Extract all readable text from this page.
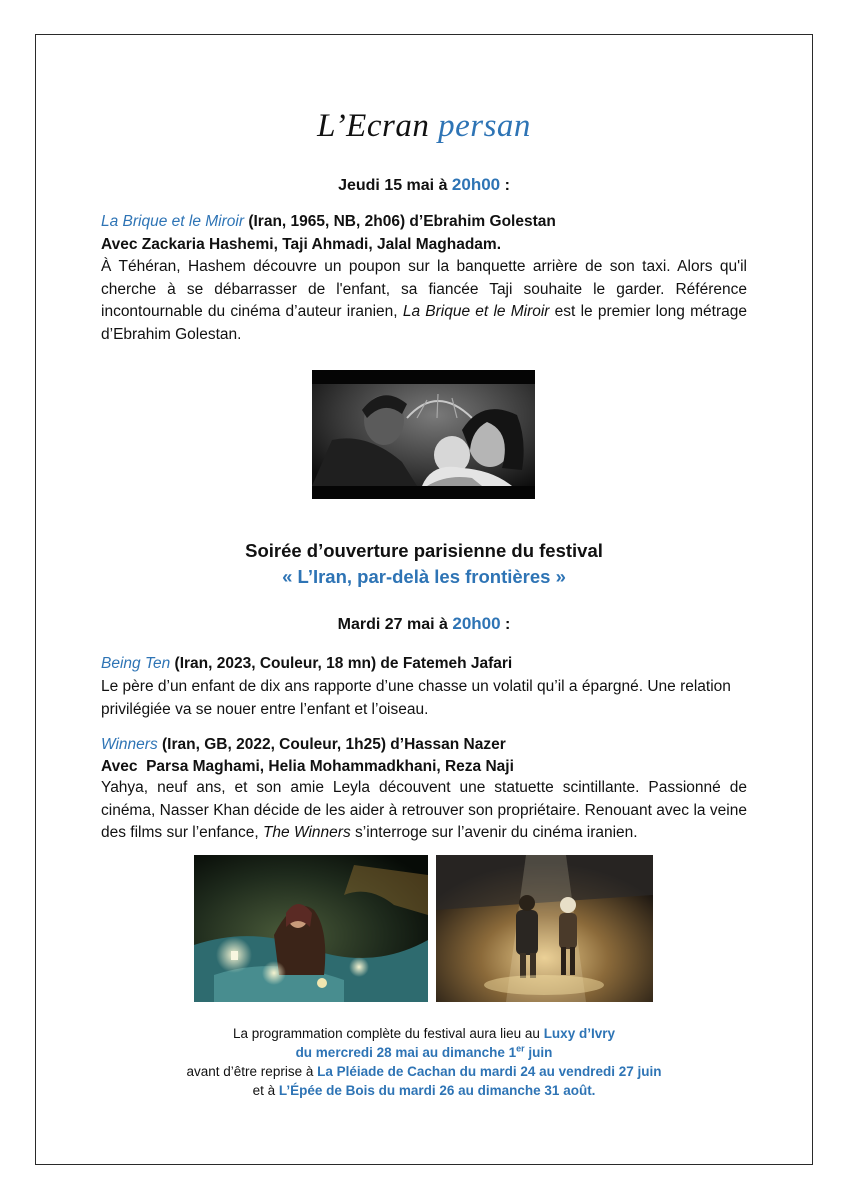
L’Ecran persan
Jeudi 15 mai à 20h00 :
La Brique et le Miroir (Iran, 1965, NB, 2h06) d’Ebrahim Golestan
Avec Zackaria Hashemi, Taji Ahmadi, Jalal Maghadam.
À Téhéran, Hashem découvre un poupon sur la banquette arrière de son taxi. Alors qu'il cherche à se débarrasser de l'enfant, sa fiancée Taji souhaite le garder. Référence incontournable du cinéma d’auteur iranien, La Brique et le Miroir est le premier long métrage d’Ebrahim Golestan.
Soirée d’ouverture parisienne du festival
« L’Iran, par-delà les frontières »
Mardi 27 mai à 20h00 :
Being Ten (Iran, 2023, Couleur, 18 mn) de Fatemeh Jafari
Le père d’un enfant de dix ans rapporte d’une chasse un volatil qu’il a épargné. Une relation privilégiée va se nouer entre l’enfant et l’oiseau.
Winners (Iran, GB, 2022, Couleur, 1h25) d’Hassan Nazer
Avec  Parsa Maghami, Helia Mohammadkhani, Reza Naji
Yahya, neuf ans, et son amie Leyla découvent une statuette scintillante. Passionné de cinéma, Nasser Khan décide de les aider à retrouver son propriétaire. Renouant avec la veine des films sur l’enfance, The Winners s’interroge sur l’avenir du cinéma iranien.
La programmation complète du festival aura lieu au Luxy d’Ivry
du mercredi 28 mai au dimanche 1er juin
avant d’être reprise à La Pléiade de Cachan du mardi 24 au vendredi 27 juin
et à L’Épée de Bois du mardi 26 au dimanche 31 août.
